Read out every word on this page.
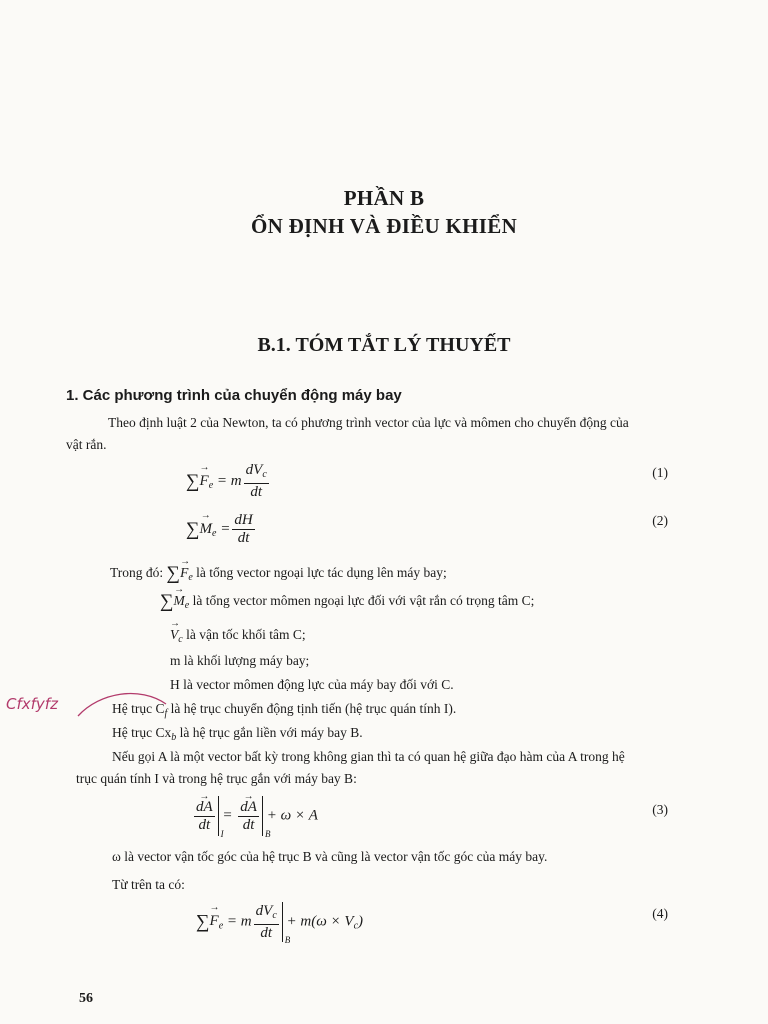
PHẦN B
ỔN ĐỊNH VÀ ĐIỀU KHIỂN
B.1. TÓM TẮT LÝ THUYẾT
1. Các phương trình của chuyển động máy bay
Theo định luật 2 của Newton, ta có phương trình vector của lực và mômen cho chuyển động của
vật rắn.
∑→ $F_e = m \frac{dV_c}{dt}$	(1)
∑→ $M_e = \frac{dH}{dt}$	(2)
Trong đó: ∑→ $F_e$ là tổng vector ngoại lực tác dụng lên máy bay;
∑→ $M_e$ là tổng vector mômen ngoại lực đối với vật rắn có trọng tâm C;
→ $V_c$ là vận tốc khối tâm C;
m là khối lượng máy bay;
H là vector mômen động lực của máy bay đối với C.
Cfxfyfz	Hệ trục $C_f$ là hệ trục chuyển động tịnh tiến (hệ trục quán tính I).
Hệ trục $Cx_b$ là hệ trục gắn liền với máy bay B.
Nếu gọi A là một vector bất kỳ trong không gian thì ta có quan hệ giữa đạo hàm của A trong hệ
trục quán tính I và trong hệ trục gắn với máy bay B:
→ $\frac{dA}{dt}$
I
=
→ $\frac{dA}{dt}$
B
+ ω × A	(3)
ω là vector vận tốc góc của hệ trục B và cũng là vector vận tốc góc của máy bay.
Từ trên ta có:
∑→ $F_e = m \frac{dV_c}{dt}$ B
+ $m(\omega \times V_c)$	(4)
56
